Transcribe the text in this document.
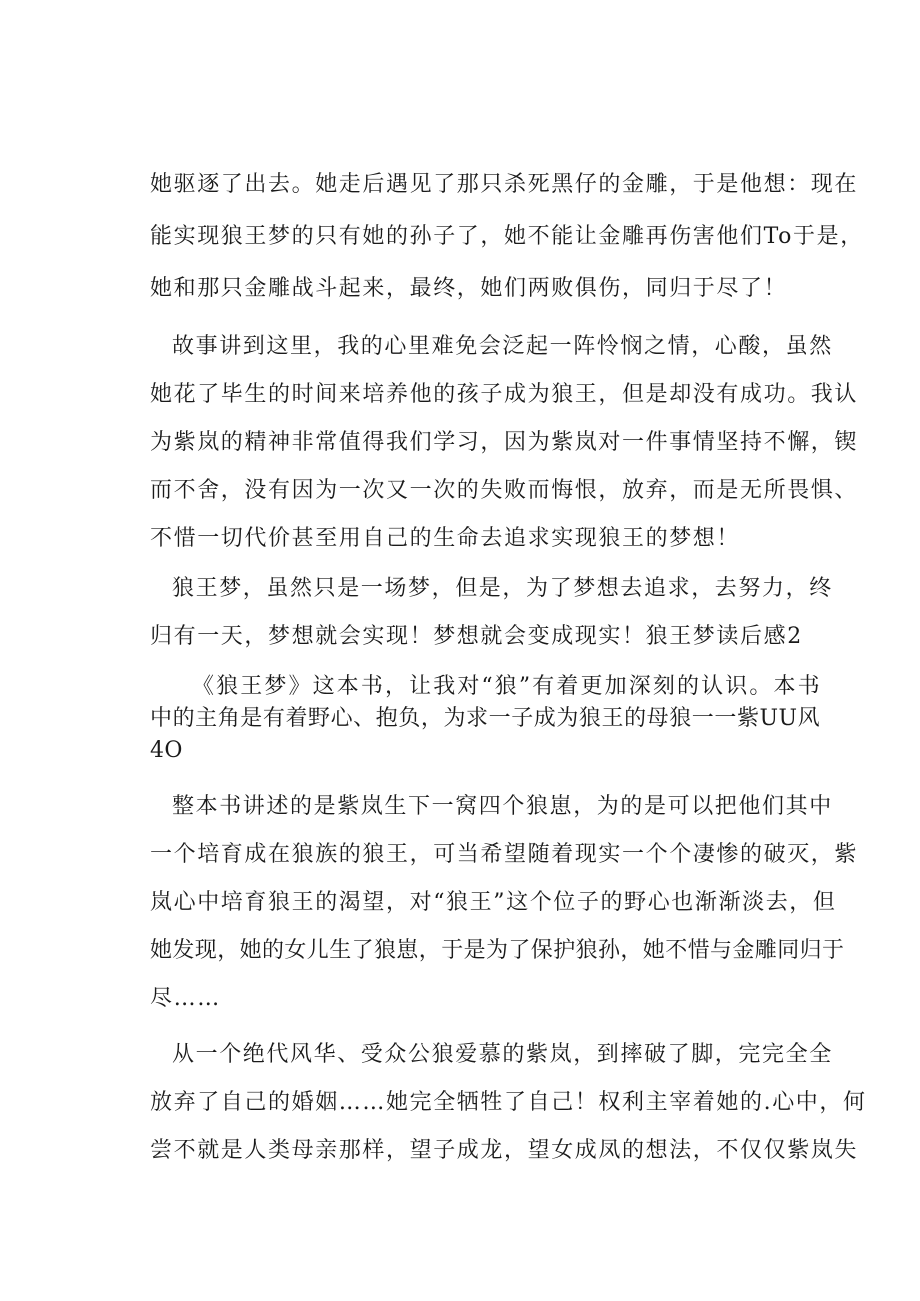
她驱逐了出去。她走后遇见了那只杀死黑仔的金雕，于是他想：现在
能实现狼王梦的只有她的孙子了，她不能让金雕再伤害他们To于是，
她和那只金雕战斗起来，最终，她们两败俱伤，同归于尽了！
故事讲到这里，我的心里难免会泛起一阵怜悯之情，心酸，虽然
她花了毕生的时间来培养他的孩子成为狼王，但是却没有成功。我认
为紫岚的精神非常值得我们学习，因为紫岚对一件事情坚持不懈，锲
而不舍，没有因为一次又一次的失败而悔恨，放弃，而是无所畏惧、
不惜一切代价甚至用自己的生命去追求实现狼王的梦想！
狼王梦，虽然只是一场梦，但是，为了梦想去追求，去努力，终
归有一天，梦想就会实现！梦想就会变成现实！狼王梦读后感2
《狼王梦》这本书，让我对“狼”有着更加深刻的认识。本书
中的主角是有着野心、抱负，为求一子成为狼王的母狼一一紫UU风
4O
整本书讲述的是紫岚生下一窝四个狼崽，为的是可以把他们其中
一个培育成在狼族的狼王，可当希望随着现实一个个凄惨的破灭，紫
岚心中培育狼王的渴望，对“狼王”这个位子的野心也渐渐淡去，但
她发现，她的女儿生了狼崽，于是为了保护狼孙，她不惜与金雕同归于
尽……
从一个绝代风华、受众公狼爱慕的紫岚，到摔破了脚，完完全全
放弃了自己的婚姻……她完全牺牲了自己！权利主宰着她的.心中，何
尝不就是人类母亲那样，望子成龙，望女成凤的想法，不仅仅紫岚失
